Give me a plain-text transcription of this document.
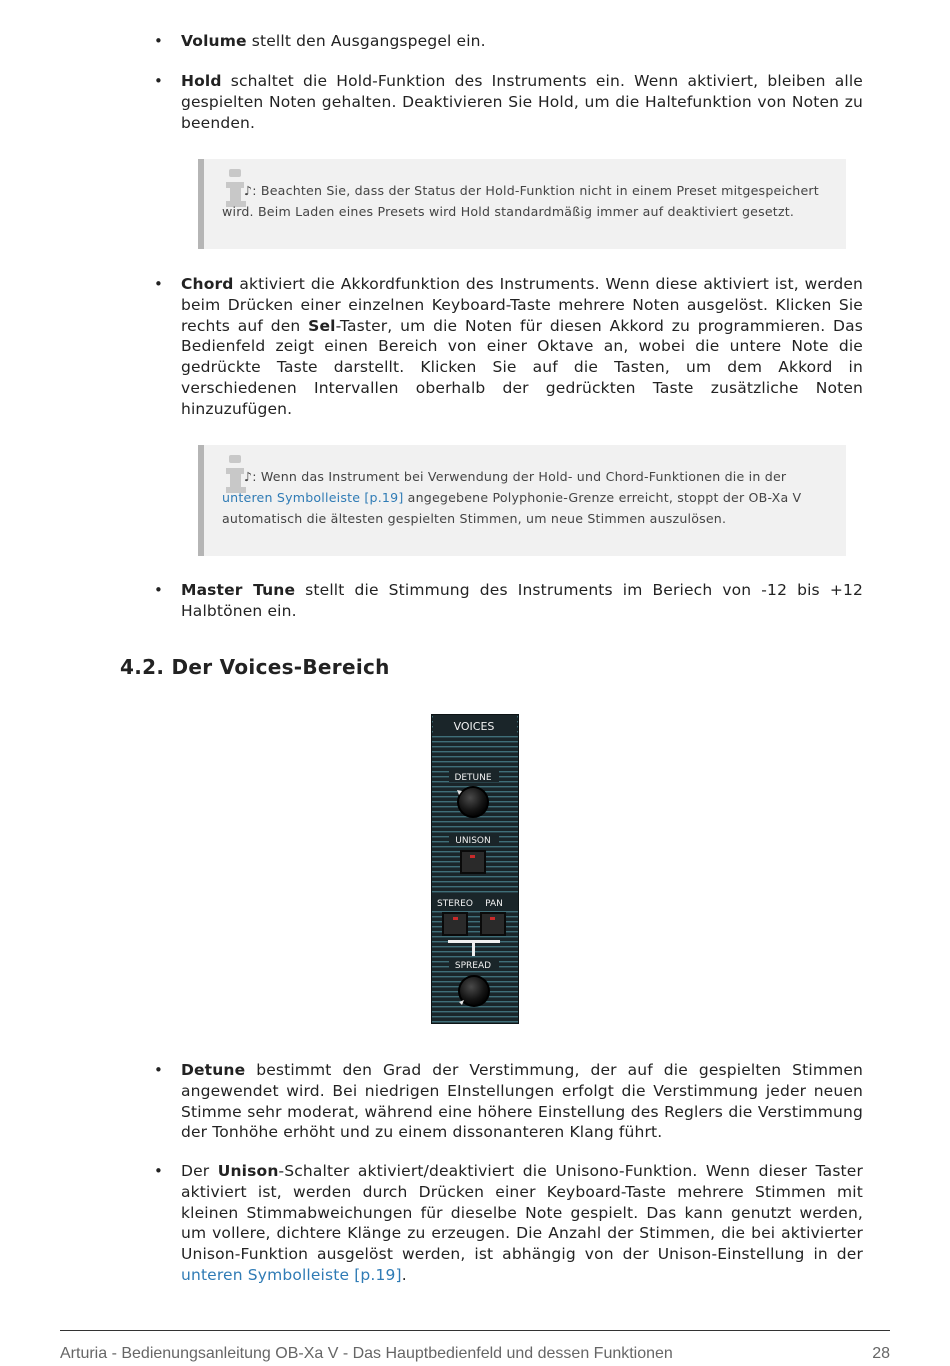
• Volume stellt den Ausgangspegel ein.
• Hold schaltet die Hold-Funktion des Instruments ein. Wenn aktiviert, bleiben alle gespielten Noten gehalten. Deaktivieren Sie Hold, um die Haltefunktion von Noten zu beenden.
♪: Beachten Sie, dass der Status der Hold-Funktion nicht in einem Preset mitgespeichert wird. Beim Laden eines Presets wird Hold standardmäßig immer auf deaktiviert gesetzt.
• Chord aktiviert die Akkordfunktion des Instruments. Wenn diese aktiviert ist, werden beim Drücken einer einzelnen Keyboard-Taste mehrere Noten ausgelöst. Klicken Sie rechts auf den Sel-Taster, um die Noten für diesen Akkord zu programmieren. Das Bedienfeld zeigt einen Bereich von einer Oktave an, wobei die untere Note die gedrückte Taste darstellt. Klicken Sie auf die Tasten, um dem Akkord in verschiedenen Intervallen oberhalb der gedrückten Taste zusätzliche Noten hinzuzufügen.
♪: Wenn das Instrument bei Verwendung der Hold- und Chord-Funktionen die in der unteren Symbolleiste [p.19] angegebene Polyphonie-Grenze erreicht, stoppt der OB-Xa V automatisch die ältesten gespielten Stimmen, um neue Stimmen auszulösen.
• Master Tune stellt die Stimmung des Instruments im Beriech von -12 bis +12 Halbtönen ein.
4.2. Der Voices-Bereich
VOICES
DETUNE
UNISON
STEREO PAN
SPREAD
• Detune bestimmt den Grad der Verstimmung, der auf die gespielten Stimmen angewendet wird. Bei niedrigen EInstellungen erfolgt die Verstimmung jeder neuen Stimme sehr moderat, während eine höhere Einstellung des Reglers die Verstimmung der Tonhöhe erhöht und zu einem dissonanteren Klang führt.
• Der Unison-Schalter aktiviert/deaktiviert die Unisono-Funktion. Wenn dieser Taster aktiviert ist, werden durch Drücken einer Keyboard-Taste mehrere Stimmen mit kleinen Stimmabweichungen für dieselbe Note gespielt. Das kann genutzt werden, um vollere, dichtere Klänge zu erzeugen. Die Anzahl der Stimmen, die bei aktivierter Unison-Funktion ausgelöst werden, ist abhängig von der Unison-Einstellung in der unteren Symbolleiste [p.19].
Arturia - Bedienungsanleitung OB-Xa V - Das Hauptbedienfeld und dessen Funktionen	28
